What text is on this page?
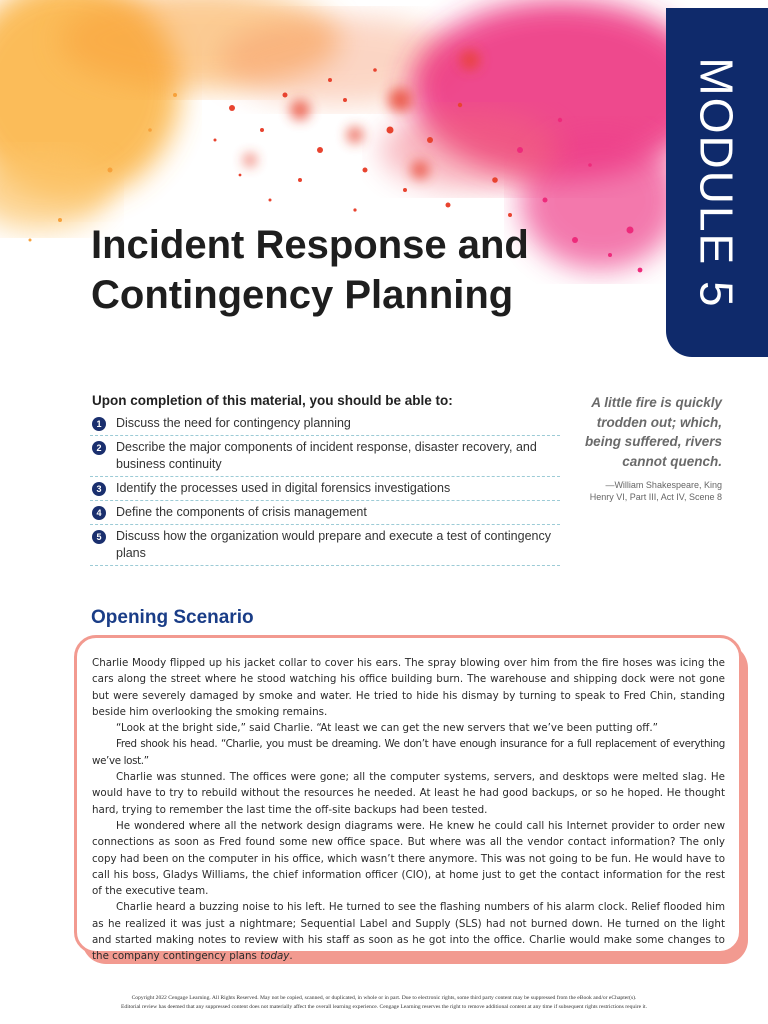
MODULE 5
Incident Response and
Contingency Planning
Upon completion of this material, you should be able to:
1	Discuss the need for contingency planning
2	Describe the major components of incident response, disaster recovery, and business continuity
3	Identify the processes used in digital forensics investigations
4	Define the components of crisis management
5	Discuss how the organization would prepare and execute a test of contingency plans
A little fire is quickly trodden out; which, being suffered, rivers cannot quench.
—William Shakespeare, King
Henry VI, Part III, Act IV, Scene 8
Opening Scenario

Charlie Moody flipped up his jacket collar to cover his ears. The spray blowing over him from the fire hoses was icing the cars along the street where he stood watching his office building burn. The warehouse and shipping dock were not gone but were severely damaged by smoke and water. He tried to hide his dismay by turning to speak to Fred Chin, standing beside him overlooking the smoking remains.

“Look at the bright side,” said Charlie. “At least we can get the new servers that we’ve been putting off.”

Fred shook his head. “Charlie, you must be dreaming. We don’t have enough insurance for a full replacement of everything we’ve lost.”

Charlie was stunned. The offices were gone; all the computer systems, servers, and desktops were melted slag. He would have to try to rebuild without the resources he needed. At least he had good backups, or so he hoped. He thought hard, trying to remember the last time the off-site backups had been tested.

He wondered where all the network design diagrams were. He knew he could call his Internet provider to order new connections as soon as Fred found some new office space. But where was all the vendor contact information? The only copy had been on the computer in his office, which wasn’t there anymore. This was not going to be fun. He would have to call his boss, Gladys Williams, the chief information officer (CIO), at home just to get the contact information for the rest of the executive team.

Charlie heard a buzzing noise to his left. He turned to see the flashing numbers of his alarm clock. Relief flooded him as he realized it was just a nightmare; Sequential Label and Supply (SLS) had not burned down. He turned on the light and started making notes to review with his staff as soon as he got into the office. Charlie would make some changes to the company contingency plans today.

Copyright 2022 Cengage Learning. All Rights Reserved. May not be copied, scanned, or duplicated, in whole or in part. Due to electronic rights, some third party content may be suppressed from the eBook and/or eChapter(s).
Editorial review has deemed that any suppressed content does not materially affect the overall learning experience. Cengage Learning reserves the right to remove additional content at any time if subsequent rights restrictions require it.
